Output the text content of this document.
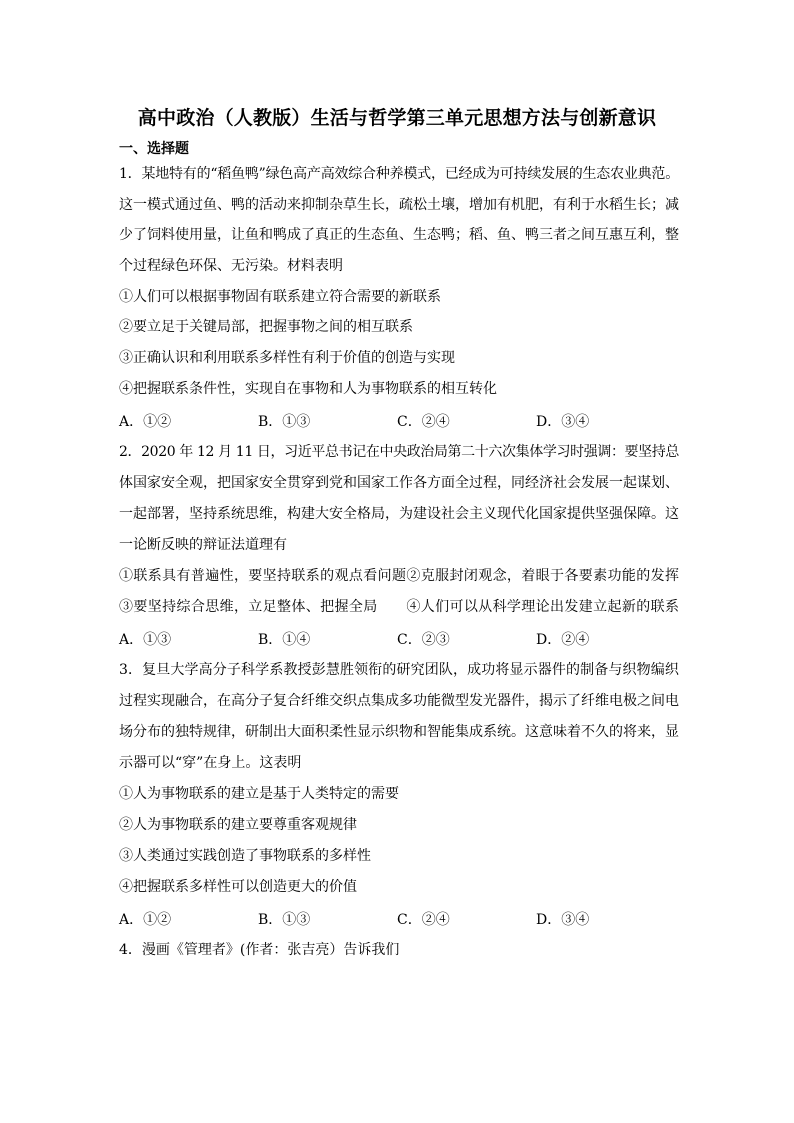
高中政治（人教版）生活与哲学第三单元思想方法与创新意识
一、选择题
1．某地特有的“稻鱼鸭”绿色高产高效综合种养模式，已经成为可持续发展的生态农业典范。
这一模式通过鱼、鸭的活动来抑制杂草生长，疏松土壤，增加有机肥，有利于水稻生长；减
少了饲料使用量，让鱼和鸭成了真正的生态鱼、生态鸭；稻、鱼、鸭三者之间互惠互利，整
个过程绿色环保、无污染。材料表明
①人们可以根据事物固有联系建立符合需要的新联系
②要立足于关键局部，把握事物之间的相互联系
③正确认识和利用联系多样性有利于价值的创造与实现
④把握联系条件性，实现自在事物和人为事物联系的相互转化
A．①②	B．①③	C．②④	D．③④
2．2020 年 12 月 11 日，习近平总书记在中央政治局第二十六次集体学习时强调：要坚持总
体国家安全观，把国家安全贯穿到党和国家工作各方面全过程，同经济社会发展一起谋划、
一起部署，坚持系统思维，构建大安全格局，为建设社会主义现代化国家提供坚强保障。这
一论断反映的辩证法道理有
①联系具有普遍性，要坚持联系的观点看问题②克服封闭观念，着眼于各要素功能的发挥
③要坚持综合思维，立足整体、把握全局　　④人们可以从科学理论出发建立起新的联系
A．①③	B．①④	C．②③	D．②④
3．复旦大学高分子科学系教授彭慧胜领衔的研究团队，成功将显示器件的制备与织物编织
过程实现融合，在高分子复合纤维交织点集成多功能微型发光器件，揭示了纤维电极之间电
场分布的独特规律，研制出大面积柔性显示织物和智能集成系统。这意味着不久的将来，显
示器可以“穿”在身上。这表明
①人为事物联系的建立是基于人类特定的需要
②人为事物联系的建立要尊重客观规律
③人类通过实践创造了事物联系的多样性
④把握联系多样性可以创造更大的价值
A．①②	B．①③	C．②④	D．③④
4．漫画《管理者》(作者：张吉亮）告诉我们
